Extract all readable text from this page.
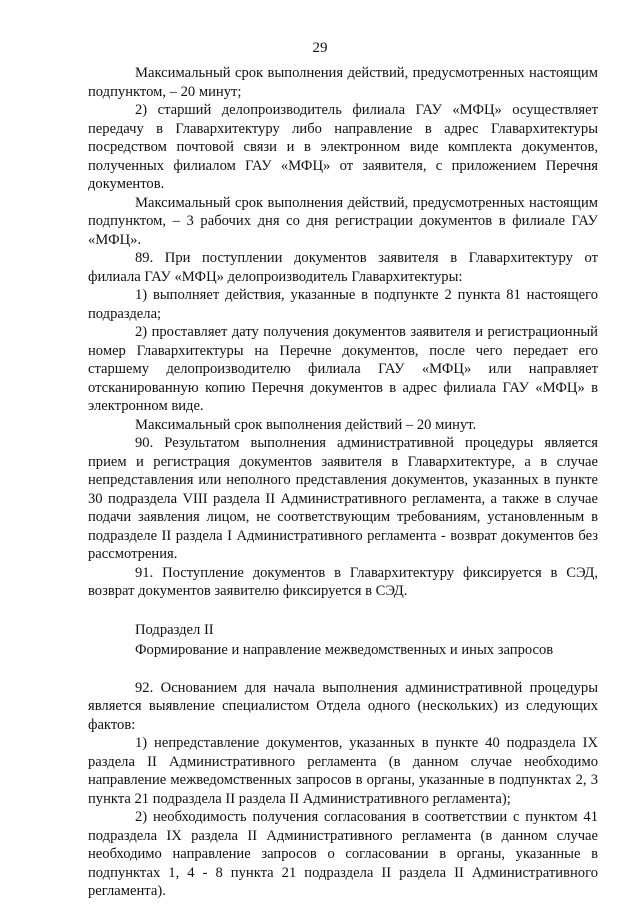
29

Максимальный срок выполнения действий, предусмотренных настоящим подпунктом, – 20 минут;

2) старший делопроизводитель филиала ГАУ «МФЦ» осуществляет передачу в Главархитектуру либо направление в адрес Главархитектуры посредством почтовой связи и в электронном виде комплекта документов, полученных филиалом ГАУ «МФЦ» от заявителя, с приложением Перечня документов.

Максимальный срок выполнения действий, предусмотренных настоящим подпунктом, – 3 рабочих дня со дня регистрации документов в филиале ГАУ «МФЦ».

89. При поступлении документов заявителя в Главархитектуру от филиала ГАУ «МФЦ» делопроизводитель Главархитектуры:

1) выполняет действия, указанные в подпункте 2 пункта 81 настоящего подраздела;

2) проставляет дату получения документов заявителя и регистрационный номер Главархитектуры на Перечне документов, после чего передает его старшему делопроизводителю филиала ГАУ «МФЦ» или направляет отсканированную копию Перечня документов в адрес филиала ГАУ «МФЦ» в электронном виде.

Максимальный срок выполнения действий – 20 минут.

90. Результатом выполнения административной процедуры является прием и регистрация документов заявителя в Главархитектуре, а в случае непредставления или неполного представления документов, указанных в пункте 30 подраздела VIII раздела II Административного регламента, а также в случае подачи заявления лицом, не соответствующим требованиям, установленным в подразделе II раздела I Административного регламента - возврат документов без рассмотрения.

91. Поступление документов в Главархитектуру фиксируется в СЭД, возврат документов заявителю фиксируется в СЭД.

Подраздел II

Формирование и направление межведомственных и иных запросов

92. Основанием для начала выполнения административной процедуры является выявление специалистом Отдела одного (нескольких) из следующих фактов:

1) непредставление документов, указанных в пункте 40 подраздела IX раздела II Административного регламента (в данном случае необходимо направление межведомственных запросов в органы, указанные в подпунктах 2, 3 пункта 21 подраздела II раздела II Административного регламента);

2) необходимость получения согласования в соответствии с пунктом 41 подраздела IX раздела II Административного регламента (в данном случае необходимо направление запросов о согласовании в органы, указанные в подпунктах 1, 4 - 8 пункта 21 подраздела II раздела II Административного регламента).
